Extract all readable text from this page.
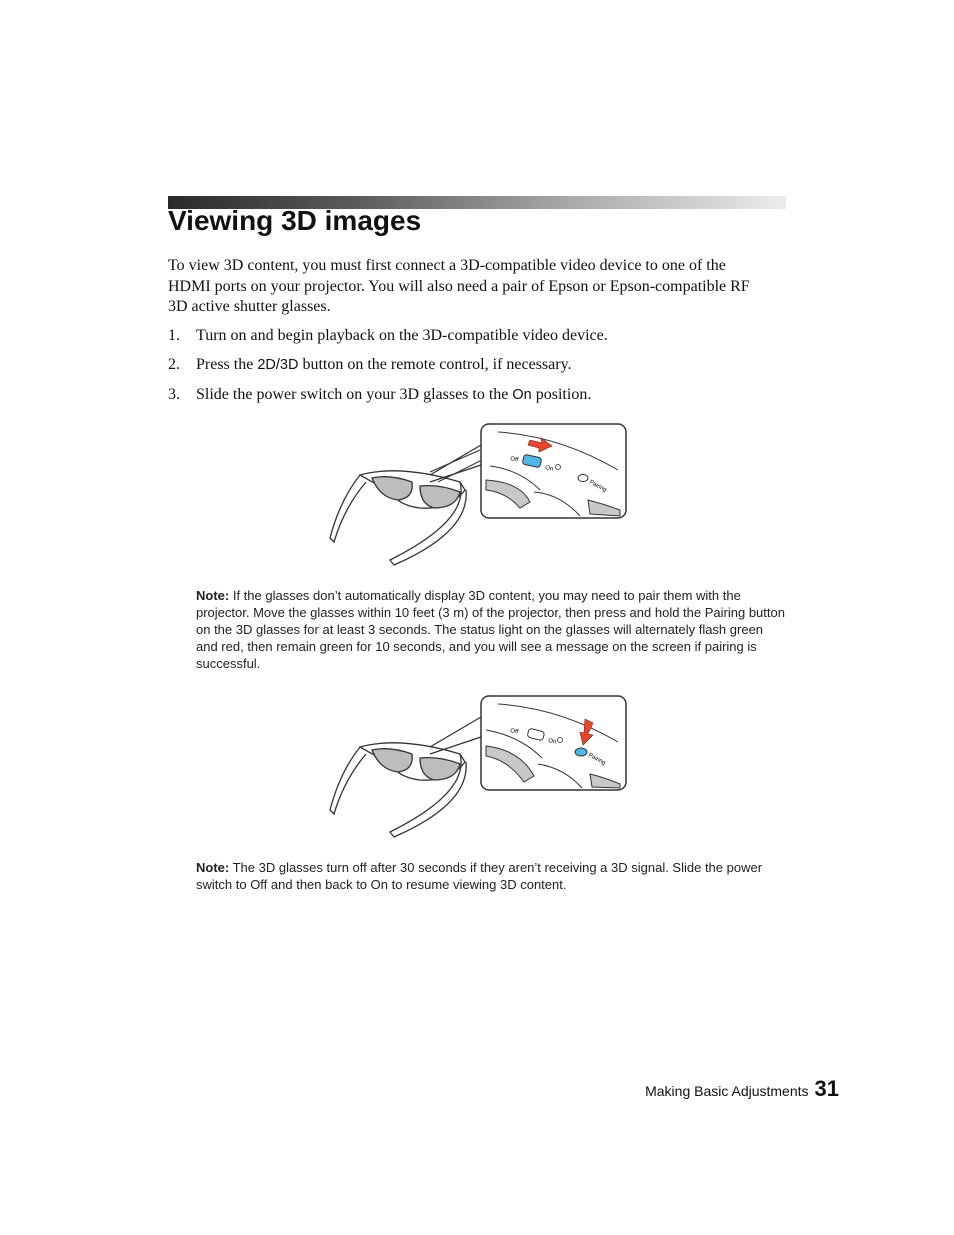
Viewing 3D images

To view 3D content, you must first connect a 3D-compatible video device to one of the HDMI ports on your projector. You will also need a pair of Epson or Epson-compatible RF 3D active shutter glasses.

1. Turn on and begin playback on the 3D-compatible video device.

2. Press the 2D/3D button on the remote control, if necessary.

3. Slide the power switch on your 3D glasses to the On position.

Off
On
Pairing

Note: If the glasses don’t automatically display 3D content, you may need to pair them with the projector. Move the glasses within 10 feet (3 m) of the projector, then press and hold the Pairing button on the 3D glasses for at least 3 seconds. The status light on the glasses will alternately flash green and red, then remain green for 10 seconds, and you will see a message on the screen if pairing is successful.

Off
On
Pairing

Note: The 3D glasses turn off after 30 seconds if they aren’t receiving a 3D signal. Slide the power switch to Off and then back to On to resume viewing 3D content.

Making Basic Adjustments 31
